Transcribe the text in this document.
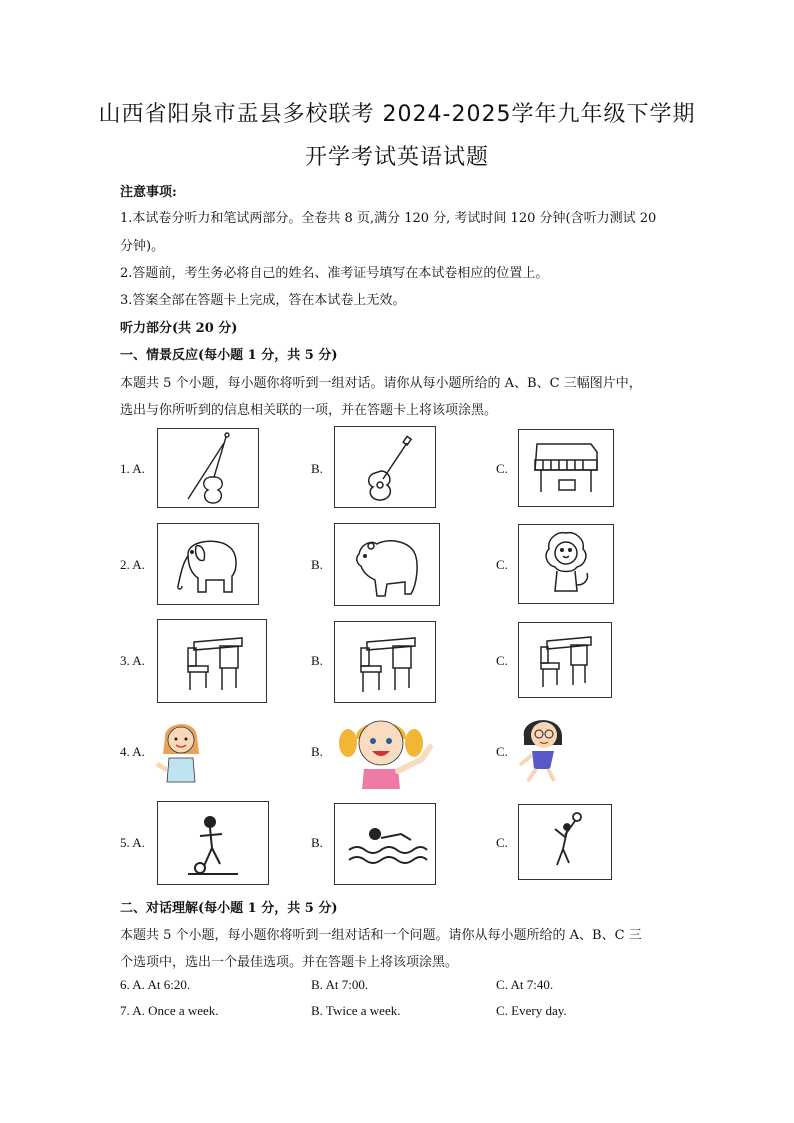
山西省阳泉市盂县多校联考 2024-2025学年九年级下学期
开学考试英语试题
注意事项:
1.本试卷分听力和笔试两部分。全卷共 8 页,满分 120 分, 考试时间 120 分钟(含听力测试 20
分钟)。
2.答题前，考生务必将自己的姓名、准考证号填写在本试卷相应的位置上。
3.答案全部在答题卡上完成，答在本试卷上无效。
听力部分(共 20 分)
一、情景反应(每小题 1 分，共 5 分)
本题共 5 个小题，每小题你将听到一组对话。请你从每小题所给的 A、B、C 三幅图片中，
选出与你所听到的信息相关联的一项，并在答题卡上将该项涂黑。
1. A.	B.	C.
2. A.	B.	C.
3. A.	B.	C.
4. A.	B.	C.
5. A.	B.	C.
二、对话理解(每小题 1 分，共 5 分)
本题共 5 个小题，每小题你将听到一组对话和一个问题。请你从每小题所给的 A、B、C 三
个选项中，选出一个最佳选项。并在答题卡上将该项涂黑。
6. A. At 6:20.	B. At 7:00.	C. At 7:40.
7. A. Once a week.	B. Twice a week.	C. Every day.
